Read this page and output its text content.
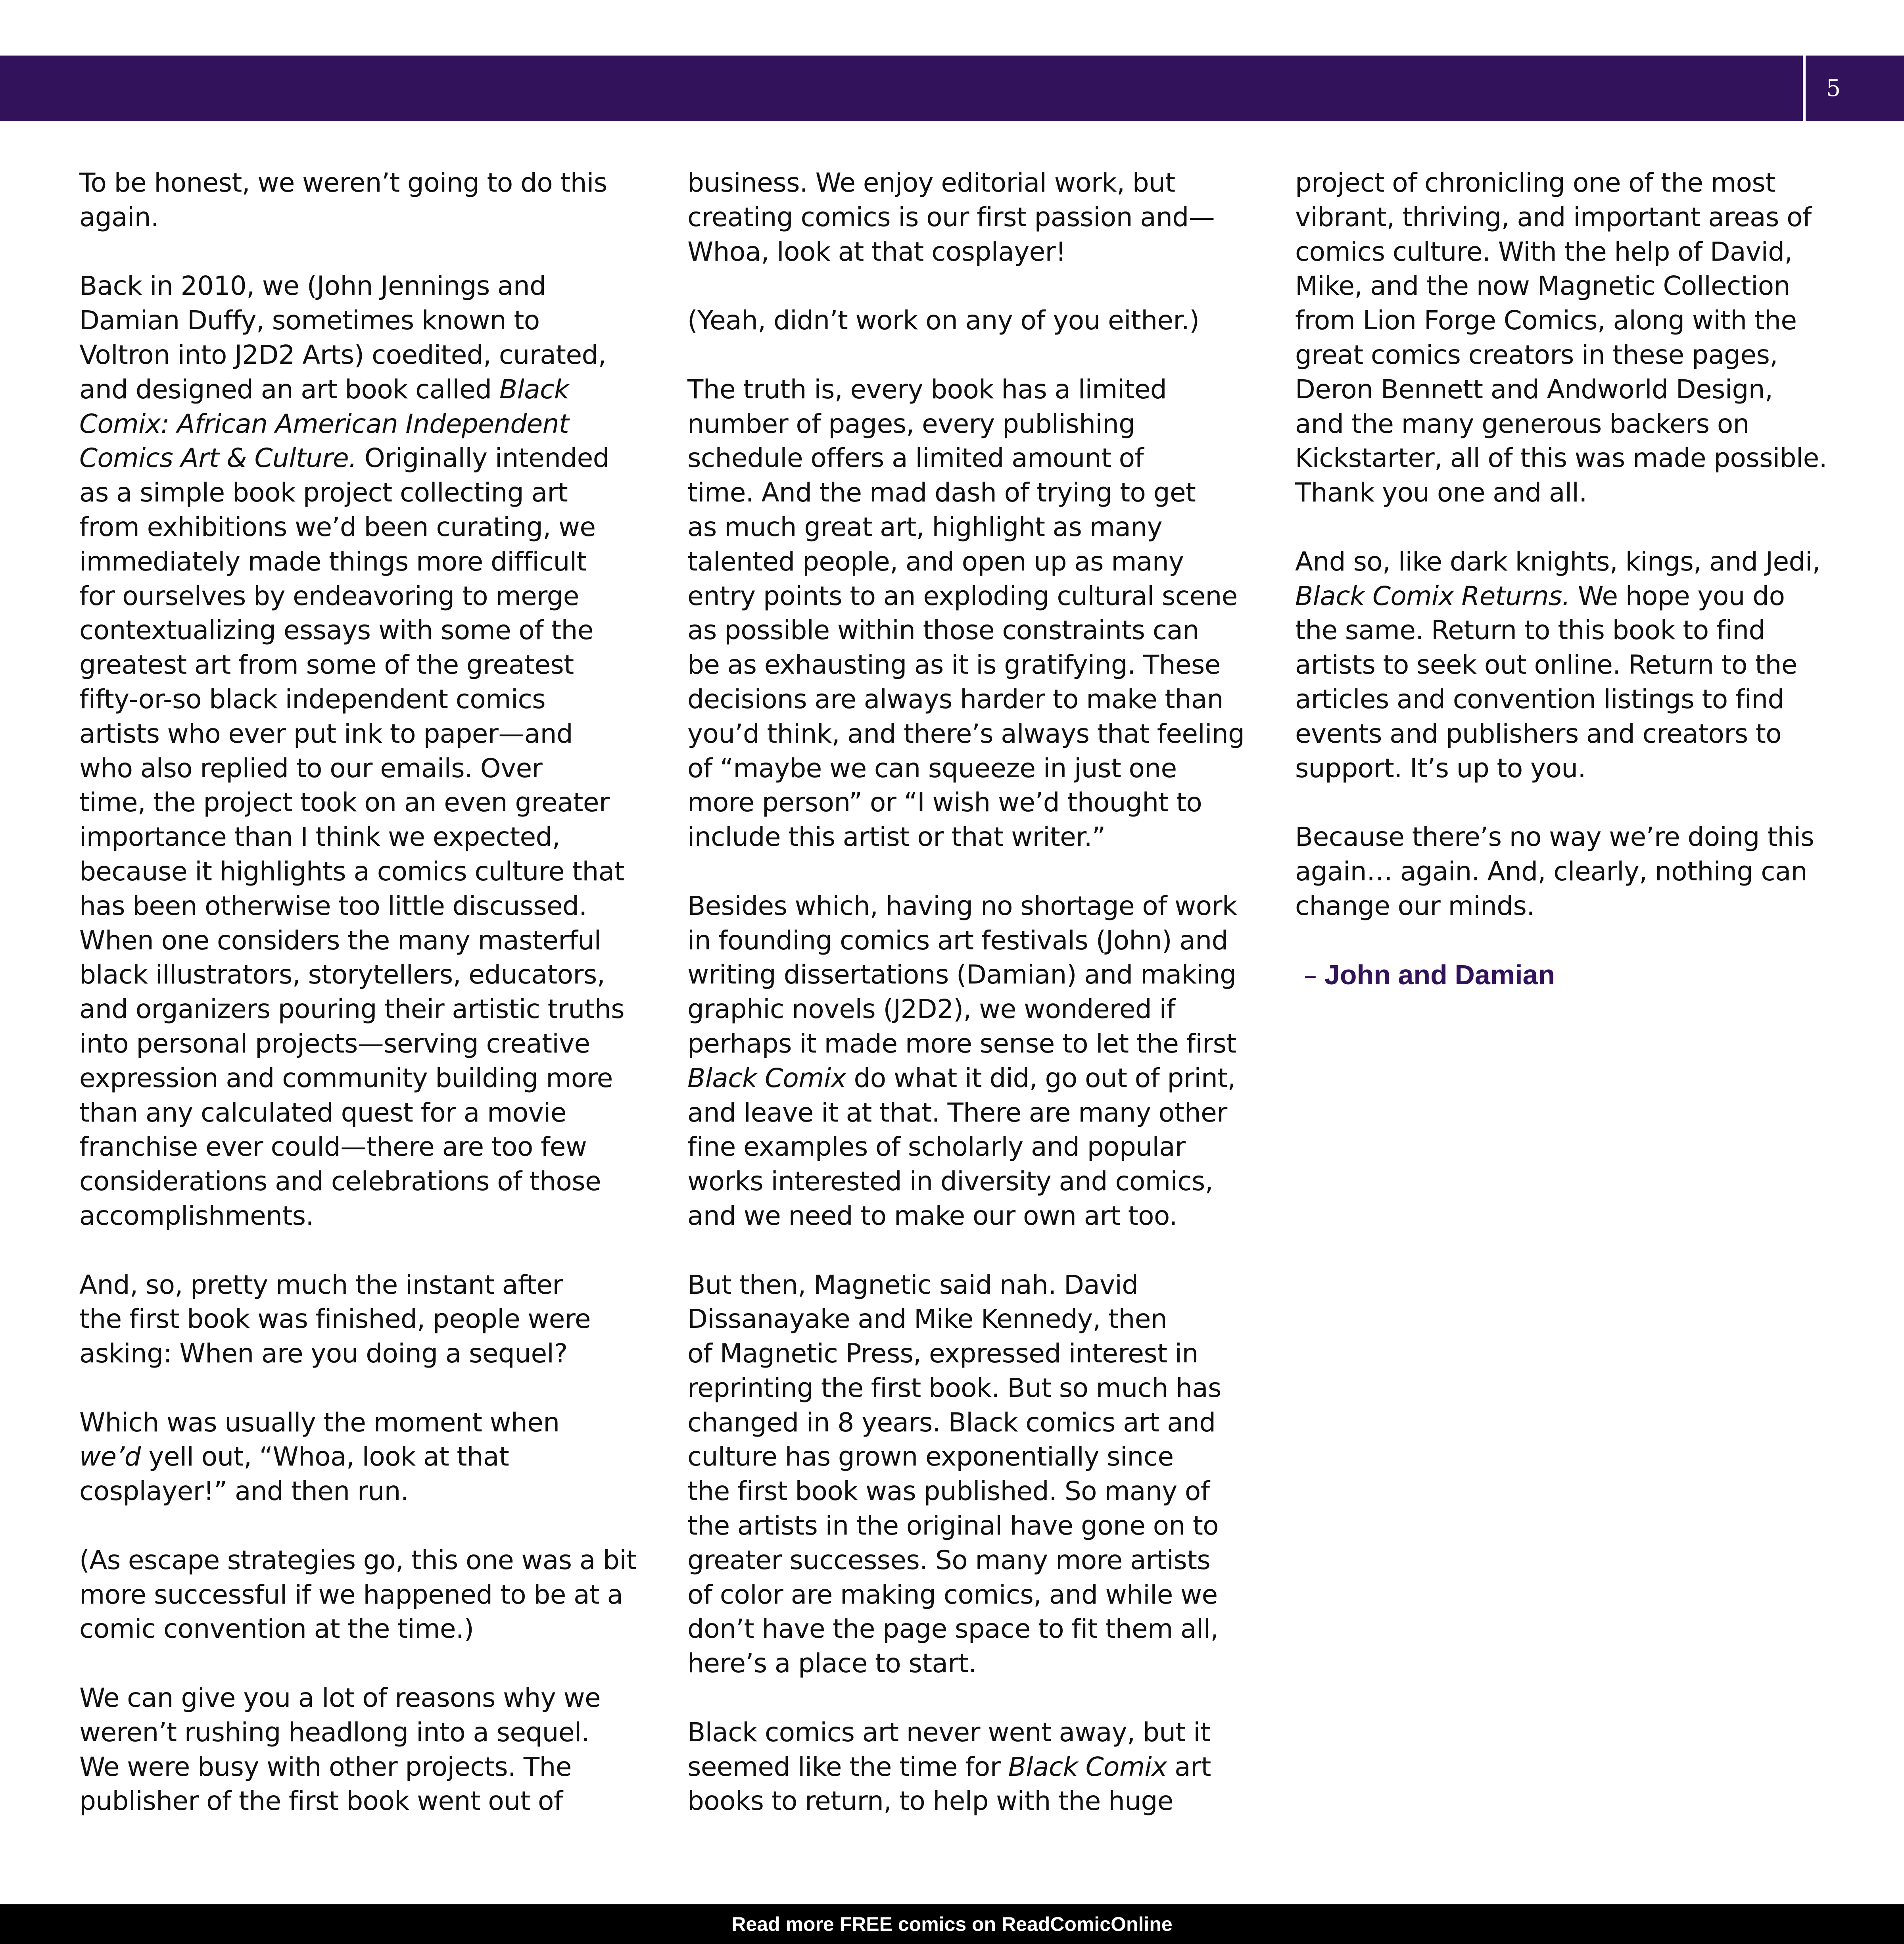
5

To be honest, we weren’t going to do this
again.

Back in 2010, we (John Jennings and
Damian Duffy, sometimes known to
Voltron into J2D2 Arts) coedited, curated,
and designed an art book called Black
Comix: African American Independent
Comics Art & Culture. Originally intended
as a simple book project collecting art
from exhibitions we’d been curating, we
immediately made things more difficult
for ourselves by endeavoring to merge
contextualizing essays with some of the
greatest art from some of the greatest
fifty-or-so black independent comics
artists who ever put ink to paper—and
who also replied to our emails. Over
time, the project took on an even greater
importance than I think we expected,
because it highlights a comics culture that
has been otherwise too little discussed.
When one considers the many masterful
black illustrators, storytellers, educators,
and organizers pouring their artistic truths
into personal projects—serving creative
expression and community building more
than any calculated quest for a movie
franchise ever could—there are too few
considerations and celebrations of those
accomplishments.

And, so, pretty much the instant after
the first book was finished, people were
asking: When are you doing a sequel?

Which was usually the moment when
we’d yell out, “Whoa, look at that
cosplayer!” and then run.

(As escape strategies go, this one was a bit
more successful if we happened to be at a
comic convention at the time.)

We can give you a lot of reasons why we
weren’t rushing headlong into a sequel.
We were busy with other projects. The
publisher of the first book went out of

business. We enjoy editorial work, but
creating comics is our first passion and—
Whoa, look at that cosplayer!

(Yeah, didn’t work on any of you either.)

The truth is, every book has a limited
number of pages, every publishing
schedule offers a limited amount of
time. And the mad dash of trying to get
as much great art, highlight as many
talented people, and open up as many
entry points to an exploding cultural scene
as possible within those constraints can
be as exhausting as it is gratifying. These
decisions are always harder to make than
you’d think, and there’s always that feeling
of “maybe we can squeeze in just one
more person” or “I wish we’d thought to
include this artist or that writer.”

Besides which, having no shortage of work
in founding comics art festivals (John) and
writing dissertations (Damian) and making
graphic novels (J2D2), we wondered if
perhaps it made more sense to let the first
Black Comix do what it did, go out of print,
and leave it at that. There are many other
fine examples of scholarly and popular
works interested in diversity and comics,
and we need to make our own art too.

But then, Magnetic said nah. David
Dissanayake and Mike Kennedy, then
of Magnetic Press, expressed interest in
reprinting the first book. But so much has
changed in 8 years. Black comics art and
culture has grown exponentially since
the first book was published. So many of
the artists in the original have gone on to
greater successes. So many more artists
of color are making comics, and while we
don’t have the page space to fit them all,
here’s a place to start.

Black comics art never went away, but it
seemed like the time for Black Comix art
books to return, to help with the huge

project of chronicling one of the most
vibrant, thriving, and important areas of
comics culture. With the help of David,
Mike, and the now Magnetic Collection
from Lion Forge Comics, along with the
great comics creators in these pages,
Deron Bennett and Andworld Design,
and the many generous backers on
Kickstarter, all of this was made possible.
Thank you one and all.

And so, like dark knights, kings, and Jedi,
Black Comix Returns. We hope you do
the same. Return to this book to find
artists to seek out online. Return to the
articles and convention listings to find
events and publishers and creators to
support. It’s up to you.

Because there’s no way we’re doing this
again… again. And, clearly, nothing can
change our minds.

– John and Damian

Read more FREE comics on ReadComicOnline
